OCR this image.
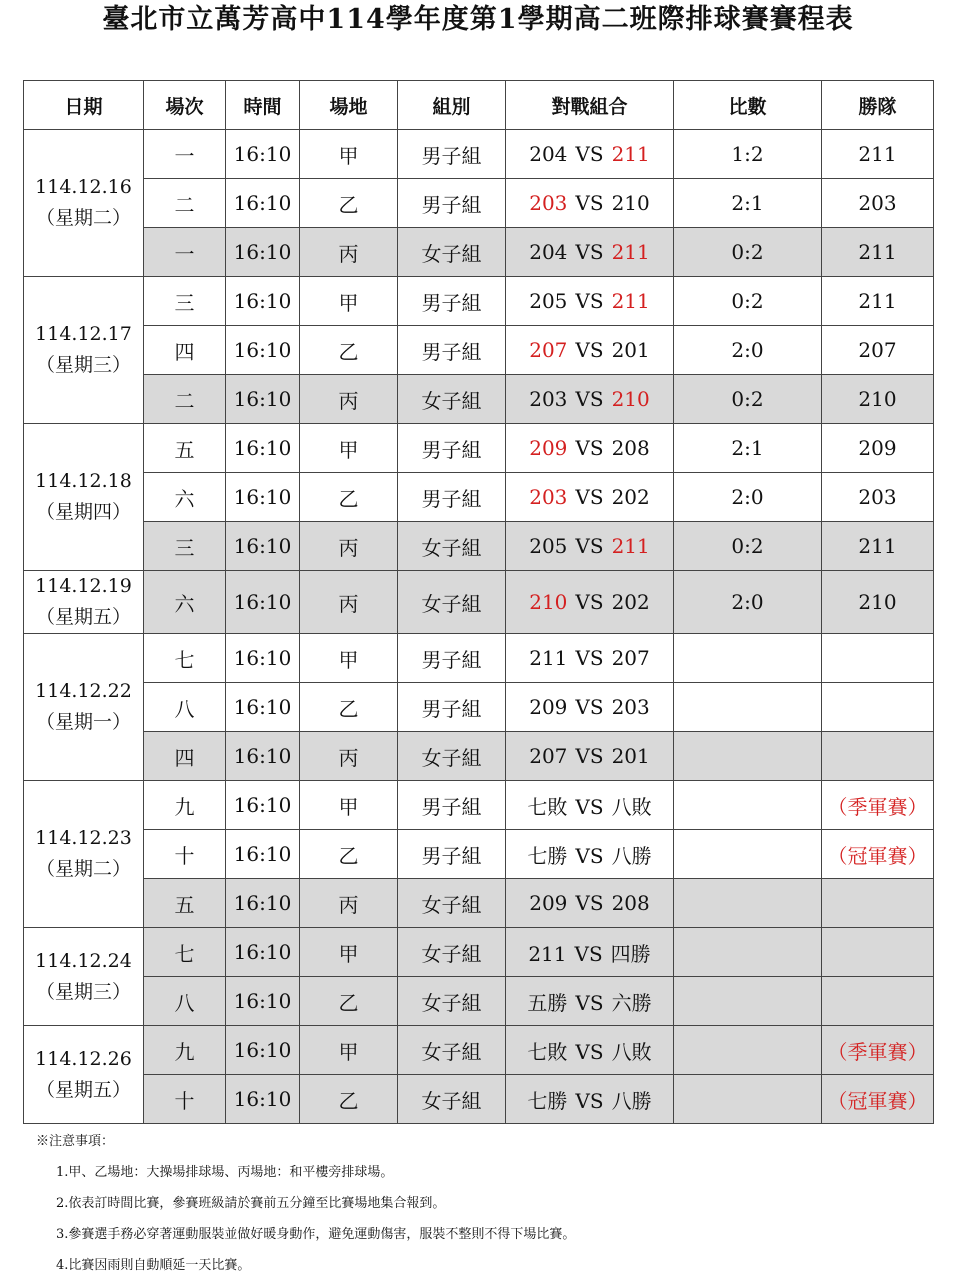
臺北市立萬芳高中114學年度第1學期高二班際排球賽賽程表
日期	場次	時間	場地	組別	對戰組合	比數	勝隊

114.12.16
（星期二）	一	16:10	甲	男子組	204 VS 211	1:2	211
	二	16:10	乙	男子組	203 VS 210	2:1	203
	一	16:10	丙	女子組	204 VS 211	0:2	211

114.12.17
（星期三）	三	16:10	甲	男子組	205 VS 211	0:2	211
	四	16:10	乙	男子組	207 VS 201	2:0	207
	二	16:10	丙	女子組	203 VS 210	0:2	210

114.12.18
（星期四）	五	16:10	甲	男子組	209 VS 208	2:1	209
	六	16:10	乙	男子組	203 VS 202	2:0	203
	三	16:10	丙	女子組	205 VS 211	0:2	211

114.12.19
（星期五）	六	16:10	丙	女子組	210 VS 202	2:0	210

114.12.22
（星期一）	七	16:10	甲	男子組	211 VS 207		
	八	16:10	乙	男子組	209 VS 203		
	四	16:10	丙	女子組	207 VS 201		

114.12.23
（星期二）	九	16:10	甲	男子組	七敗 VS 八敗		（季軍賽）
	十	16:10	乙	男子組	七勝 VS 八勝		（冠軍賽）
	五	16:10	丙	女子組	209 VS 208		

114.12.24
（星期三）	七	16:10	甲	女子組	211 VS 四勝		
	八	16:10	乙	女子組	五勝 VS 六勝		

114.12.26
（星期五）	九	16:10	甲	女子組	七敗 VS 八敗		（季軍賽）
	十	16:10	乙	女子組	七勝 VS 八勝		（冠軍賽）
※注意事項：
1.甲、乙場地：大操場排球場、丙場地：和平樓旁排球場。
2.依表訂時間比賽，參賽班級請於賽前五分鐘至比賽場地集合報到。
3.參賽選手務必穿著運動服裝並做好暖身動作，避免運動傷害，服裝不整則不得下場比賽。
4.比賽因雨則自動順延一天比賽。
